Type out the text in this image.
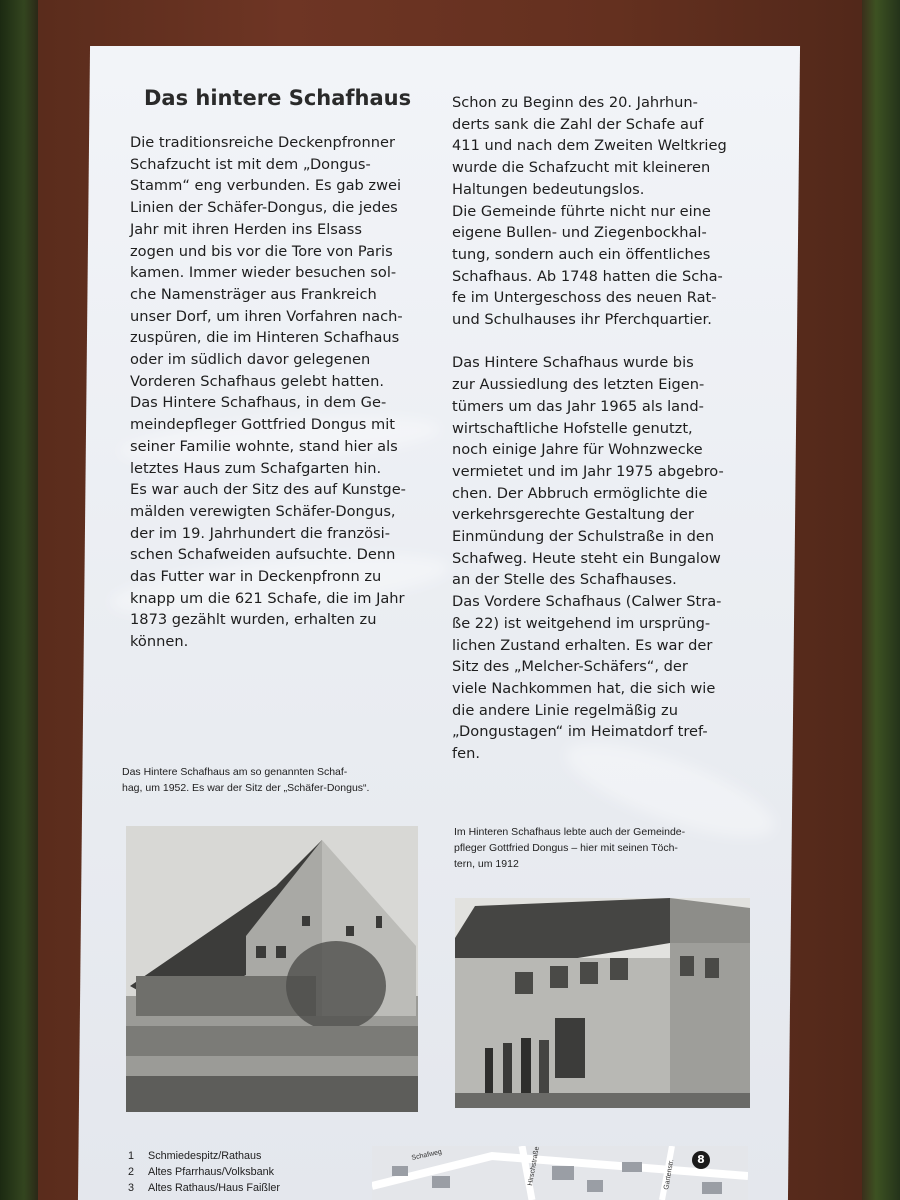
Das hintere Schafhaus

Die traditionsreiche Deckenpfronner

Schafzucht ist mit dem „Dongus-

Stamm“ eng verbunden. Es gab zwei

Linien der Schäfer-Dongus, die jedes

Jahr mit ihren Herden ins Elsass

zogen und bis vor die Tore von Paris

kamen. Immer wieder besuchen sol-

che Namensträger aus Frankreich

unser Dorf, um ihren Vorfahren nach-

zuspüren, die im Hinteren Schafhaus

oder im südlich davor gelegenen

Vorderen Schafhaus gelebt hatten.

Das Hintere Schafhaus, in dem Ge-

meindepfleger Gottfried Dongus mit

seiner Familie wohnte, stand hier als

letztes Haus zum Schafgarten hin.

Es war auch der Sitz des auf Kunstge-

mälden verewigten Schäfer-Dongus,

der im 19. Jahrhundert die französi-

schen Schafweiden aufsuchte. Denn

das Futter war in Deckenpfronn zu

knapp um die 621 Schafe, die im Jahr

1873 gezählt wurden, erhalten zu

können.

Schon zu Beginn des 20. Jahrhun-

derts sank die Zahl der Schafe auf

411 und nach dem Zweiten Weltkrieg

wurde die Schafzucht mit kleineren

Haltungen bedeutungslos.

Die Gemeinde führte nicht nur eine

eigene Bullen- und Ziegenbockhal-

tung, sondern auch ein öffentliches

Schafhaus. Ab 1748 hatten die Scha-

fe im Untergeschoss des neuen Rat-

und Schulhauses ihr Pferchquartier.

Das Hintere Schafhaus wurde bis

zur Aussiedlung des letzten Eigen-

tümers um das Jahr 1965 als land-

wirtschaftliche Hofstelle genutzt,

noch einige Jahre für Wohnzwecke

vermietet und im Jahr 1975 abgebro-

chen. Der Abbruch ermöglichte die

verkehrsgerechte Gestaltung der

Einmündung der Schulstraße in den

Schafweg. Heute steht ein Bungalow

an der Stelle des Schafhauses.

Das Vordere Schafhaus (Calwer Stra-

ße 22) ist weitgehend im ursprüng-

lichen Zustand erhalten. Es war der

Sitz des „Melcher-Schäfers“, der

viele Nachkommen hat, die sich wie

die andere Linie regelmäßig zu

„Dongustagen“ im Heimatdorf tref-

fen.

Das Hintere Schafhaus am so genannten Schaf-
hag, um 1952. Es war der Sitz der „Schäfer-Dongus“.
Im Hinteren Schafhaus lebte auch der Gemeinde-
pfleger Gottfried Dongus – hier mit seinen Töch-
tern, um 1912
1 Schmiedespitz/Rathaus
2 Altes Pfarrhaus/Volksbank
3 Altes Rathaus/Haus Faißler
Schafweg	Hirschstraße	Gartenstr.	8
